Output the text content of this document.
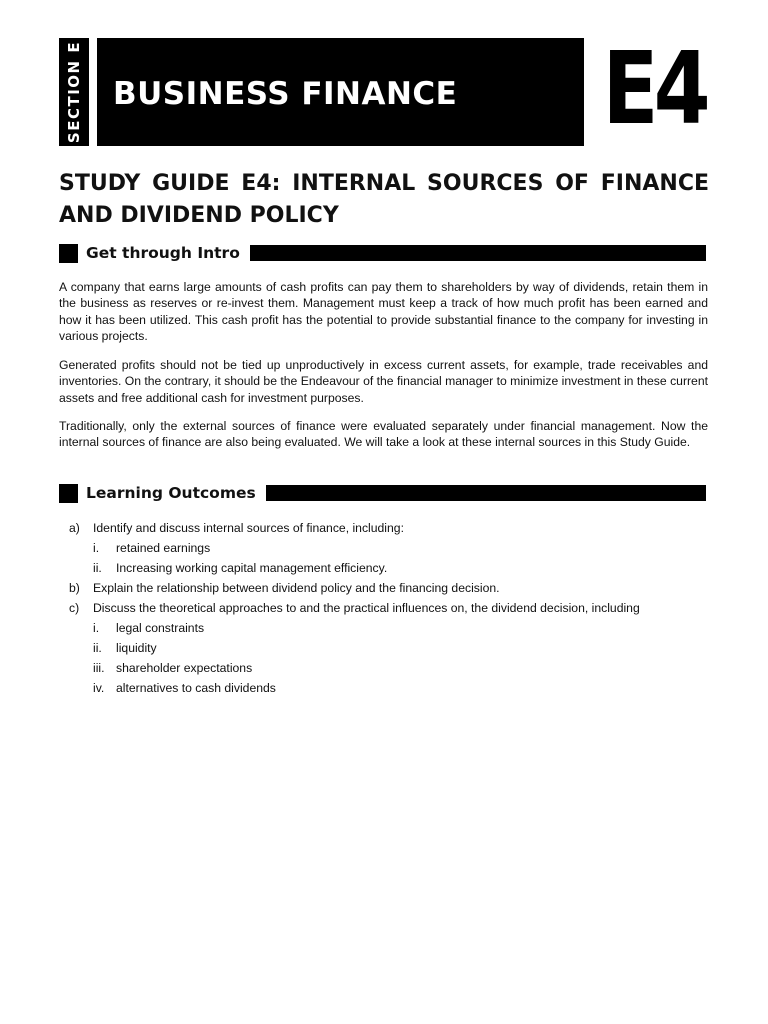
SECTION E BUSINESS FINANCE E4
STUDY GUIDE E4: INTERNAL SOURCES OF FINANCE AND DIVIDEND POLICY
Get through Intro

A company that earns large amounts of cash profits can pay them to shareholders by way of dividends, retain them in the business as reserves or re-invest them. Management must keep a track of how much profit has been earned and how it has been utilized. This cash profit has the potential to provide substantial finance to the company for investing in various projects.

Generated profits should not be tied up unproductively in excess current assets, for example, trade receivables and inventories. On the contrary, it should be the Endeavour of the financial manager to minimize investment in these current assets and free additional cash for investment purposes.

Traditionally, only the external sources of finance were evaluated separately under financial management. Now the internal sources of finance are also being evaluated. We will take a look at these internal sources in this Study Guide.

Learning Outcomes
a) Identify and discuss internal sources of finance, including:
i. retained earnings
ii. Increasing working capital management efficiency.
b) Explain the relationship between dividend policy and the financing decision.
c) Discuss the theoretical approaches to and the practical influences on, the dividend decision, including
i. legal constraints
ii. liquidity
iii. shareholder expectations
iv. alternatives to cash dividends
